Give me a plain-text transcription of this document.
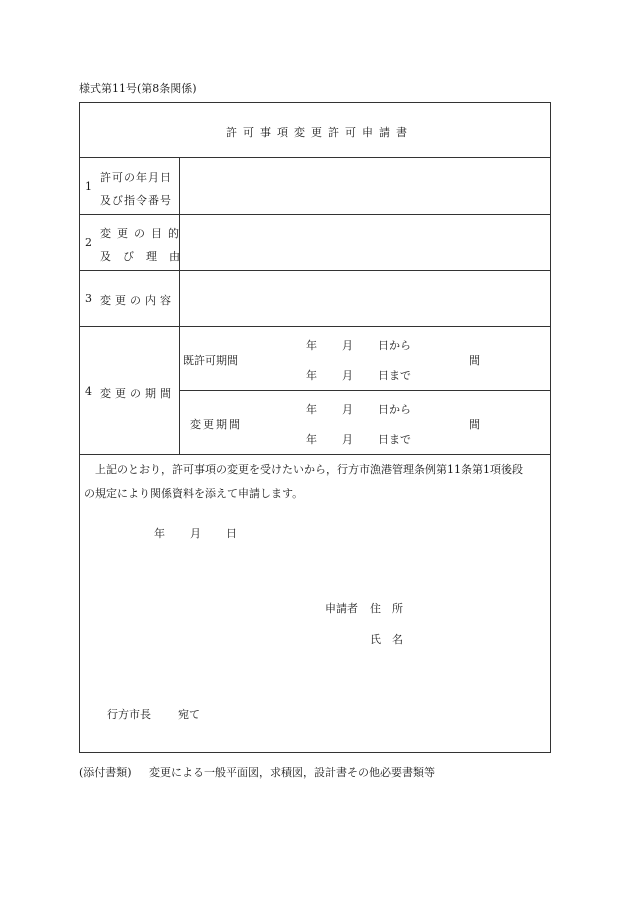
様式第11号(第8条関係)
許可事項変更許可申請書
1
許可の年月日
及び指令番号
2
変更の目的
及び理由
3 変更の内容
4 変更の期間
既許可期間
年 月 日から
年 月 日まで
間
変更期間
年 月 日から
年 月 日まで
間
上記のとおり，許可事項の変更を受けたいから，行方市漁港管理条例第11条第1項後段
の規定により関係資料を添えて申請します。
年 月 日
申請者 住　所
氏　名
行方市長 宛て
(添付書類) 変更による一般平面図，求積図，設計書その他必要書類等
